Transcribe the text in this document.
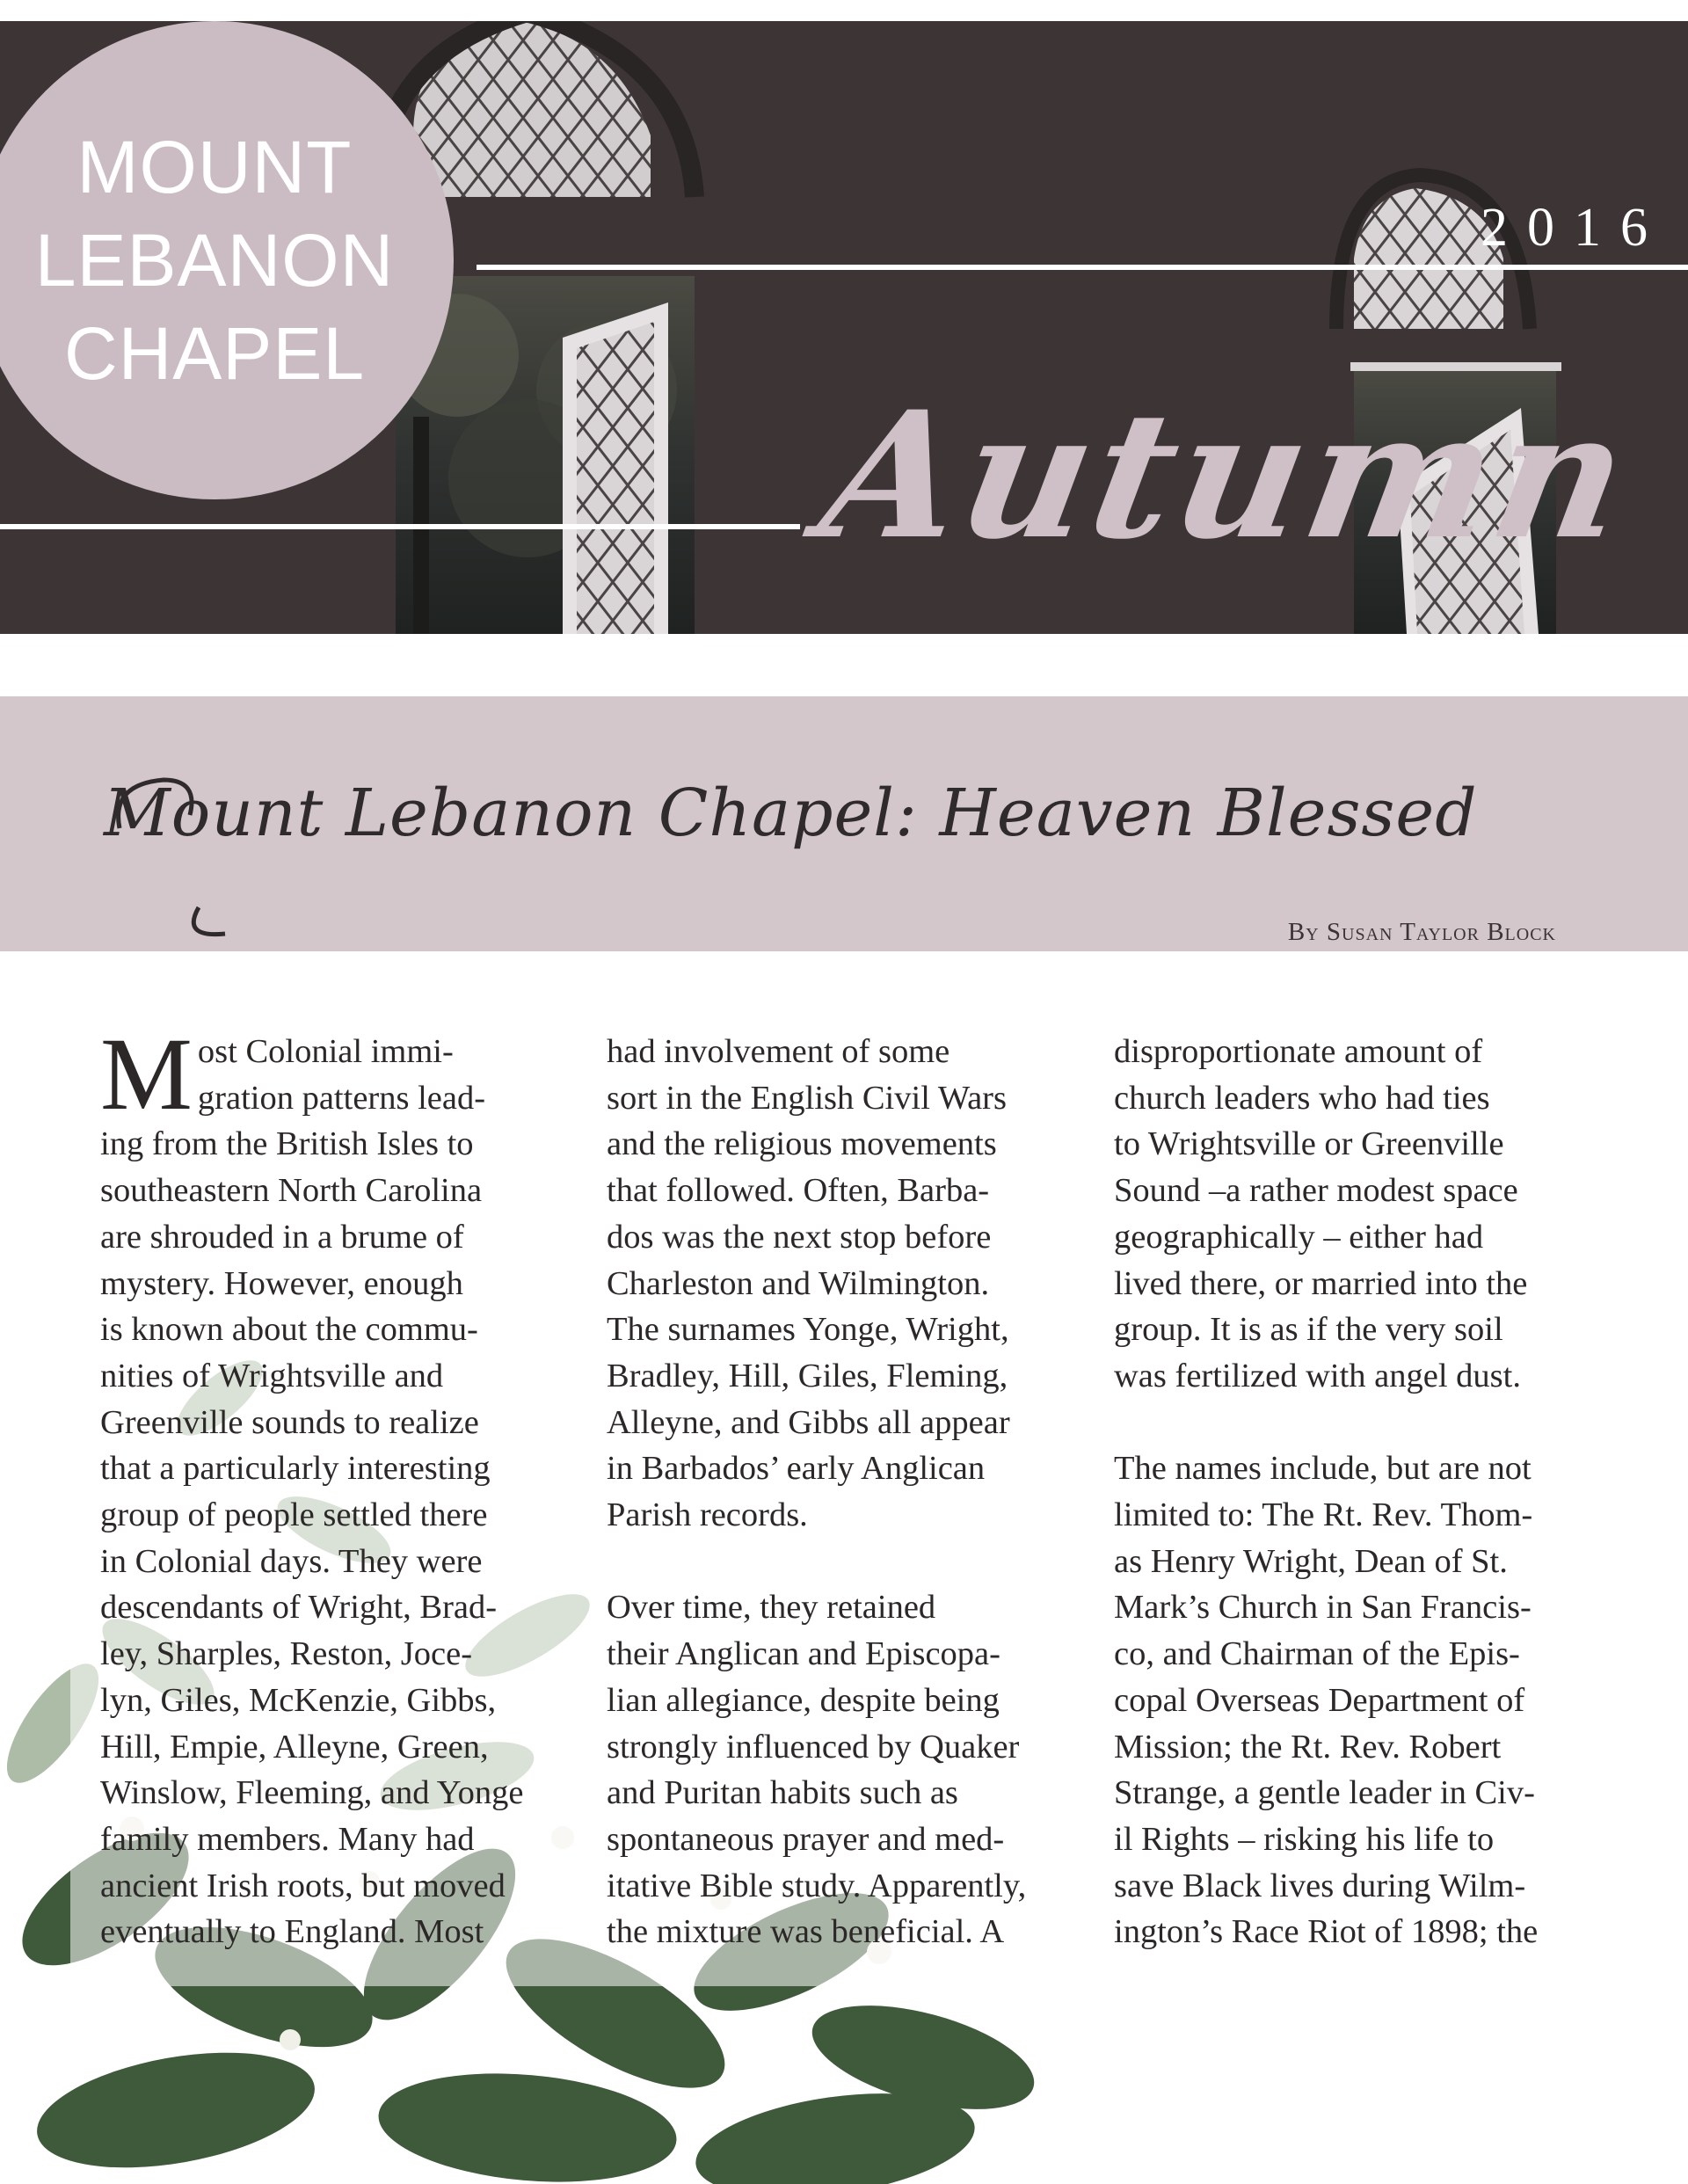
MOUNT
LEBANON
CHAPEL
2016
Autumn
Mount Lebanon Chapel: Heaven Blessed
By Susan Taylor Block

M ost Colonial immi-
gration patterns lead-
ing from the British Isles to
southeastern North Carolina
are shrouded in a brume of
mystery. However, enough
is known about the commu-
nities of Wrightsville and
Greenville sounds to realize
that a particularly interesting
group of people settled there
in Colonial days. They were
descendants of Wright, Brad-
ley, Sharples, Reston, Joce-
lyn, Giles, McKenzie, Gibbs,
Hill, Empie, Alleyne, Green,
Winslow, Fleeming, and Yonge
family members. Many had
ancient Irish roots, but moved
eventually to England. Most

had involvement of some
sort in the English Civil Wars
and the religious movements
that followed. Often, Barba-
dos was the next stop before
Charleston and Wilmington.
The surnames Yonge, Wright,
Bradley, Hill, Giles, Fleming,
Alleyne, and Gibbs all appear
in Barbados’ early Anglican
Parish records.

Over time, they retained
their Anglican and Episcopa-
lian allegiance, despite being
strongly influenced by Quaker
and Puritan habits such as
spontaneous prayer and med-
itative Bible study. Apparently,
the mixture was beneficial. A

disproportionate amount of
church leaders who had ties
to Wrightsville or Greenville
Sound –a rather modest space
geographically – either had
lived there, or married into the
group. It is as if the very soil
was fertilized with angel dust.

The names include, but are not
limited to: The Rt. Rev. Thom-
as Henry Wright, Dean of St.
Mark’s Church in San Francis-
co, and Chairman of the Epis-
copal Overseas Department of
Mission; the Rt. Rev. Robert
Strange, a gentle leader in Civ-
il Rights – risking his life to
save Black lives during Wilm-
ington’s Race Riot of 1898; the
